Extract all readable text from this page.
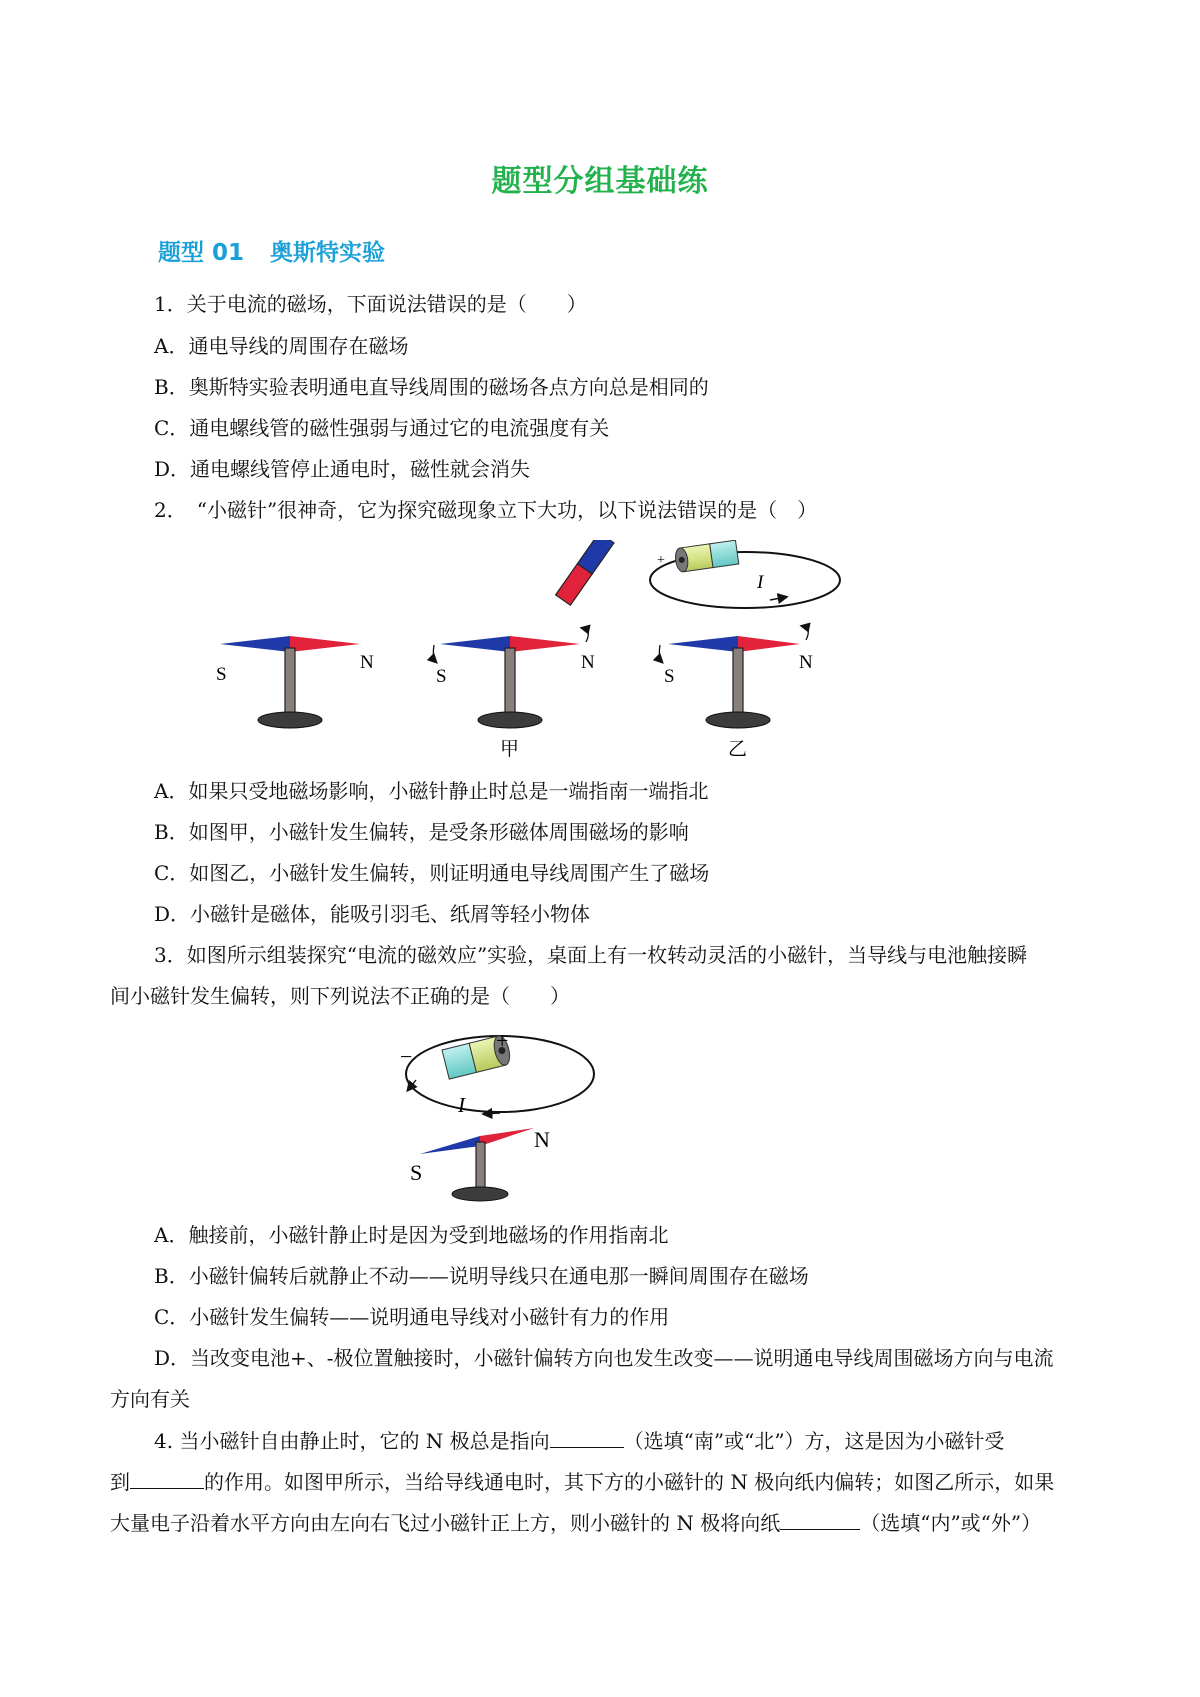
题型分组基础练
题型 01 奥斯特实验
1．关于电流的磁场，下面说法错误的是（　　）
A．通电导线的周围存在磁场
B．奥斯特实验表明通电直导线周围的磁场各点方向总是相同的
C．通电螺线管的磁性强弱与通过它的电流强度有关
D．通电螺线管停止通电时，磁性就会消失
2．　“小磁针”很神奇，它为探究磁现象立下大功，以下说法错误的是（　）
S
N
S
N
甲
+
−
I
S
N
乙
A．如果只受地磁场影响，小磁针静止时总是一端指南一端指北
B．如图甲，小磁针发生偏转，是受条形磁体周围磁场的影响
C．如图乙，小磁针发生偏转，则证明通电导线周围产生了磁场
D．小磁针是磁体，能吸引羽毛、纸屑等轻小物体
3．如图所示组装探究“电流的磁效应”实验，桌面上有一枚转动灵活的小磁针，当导线与电池触接瞬
间小磁针发生偏转，则下列说法不正确的是（　　）
+
−
I
S
N
A．触接前，小磁针静止时是因为受到地磁场的作用指南北
B．小磁针偏转后就静止不动——说明导线只在通电那一瞬间周围存在磁场
C．小磁针发生偏转——说明通电导线对小磁针有力的作用
D．当改变电池+、-极位置触接时，小磁针偏转方向也发生改变——说明通电导线周围磁场方向与电流
方向有关
4. 当小磁针自由静止时，它的 N 极总是指向	（选填“南”或“北”）方，这是因为小磁针受
到	的作用。如图甲所示，当给导线通电时，其下方的小磁针的 N 极向纸内偏转；如图乙所示，如果
大量电子沿着水平方向由左向右飞过小磁针正上方，则小磁针的 N 极将向纸	（选填“内”或“外”）
